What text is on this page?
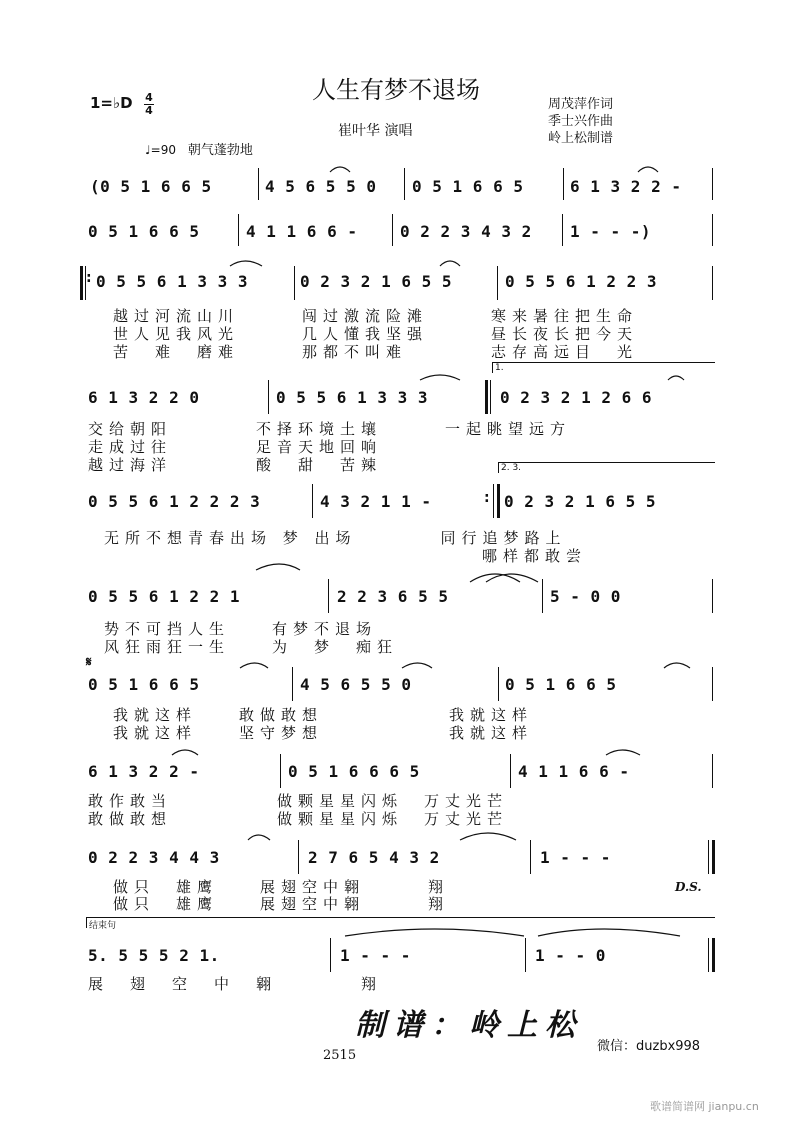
人生有梦不退场
1=♭D 4
4
崔叶华 演唱
周茂萍作词
季士兴作曲
岭上松制谱
♩=90 朝气蓬勃地
(0 5 1 6 6 5	4 5 6 5 5 0 0 5 1 6 6 5	6 1 3 2 2 -
0 5 1 6 6 5	4 1 1 6 6 -	0 2 2 3 4 3 2 1 - - -)
: 0 5 5 6 1 3 3 3	0 2 3 2 1 6 5 5	0 5 5 6 1 2 2 3
越过河流山川　　　闯过激流险滩　　　寒来暑往把生命
世人见我风光　　　几人懂我坚强　　　昼长夜长把今天
苦　难　磨难　　　那都不叫难　　　　志存高远目　光
1.
6 1 3 2 2 0	0 5 5 6 1 3 3 3	0 2 3 2 1 2 6 6
交给朝阳　　　　不择环境土壤　　　一起眺望远方
走成过往　　　　足音天地回响
越过海洋　　　　酸　甜　苦辣	2. 3.
0 5 5 6 1 2 2 2 3	4 3 2 1 1 -	0 2 3 2 1 6 5 5
:
无所不想青春出场 梦 出场　　　　同行追梦路上
　　　　　　　　　　　　　　　　　　哪样都敢尝
0 5 5 6 1 2 2 1	2 2 3 6 5 5	5 - 0 0
势不可挡人生　　有梦不退场
风狂雨狂一生　　为　梦　痴狂
𝄋
0 5 1 6 6 5	4 5 6 5 5 0	0 5 1 6 6 5
我就这样　　敢做敢想　　　　　　我就这样
我就这样　　坚守梦想　　　　　　我就这样
6 1 3 2 2 -	0 5 1 6 6 6 5	4 1 1 6 6 -
敢作敢当　　　　　做颗星星闪烁　万丈光芒
敢做敢想　　　　　做颗星星闪烁　万丈光芒
0 2 2 3 4 4 3	2 7 6 5 4 3 2	1 - - -
D.S.
做只　雄鹰　　展翅空中翱　　　翔
做只　雄鹰　　展翅空中翱　　　翔
结束句
5. 5 5 5 2 1.	1 - - -	1 - - 0
展　翅　空　中　翱　　　　翔
制谱：岭上松
微信：duzbx998
2515
歌谱简谱网 jianpu.cn
